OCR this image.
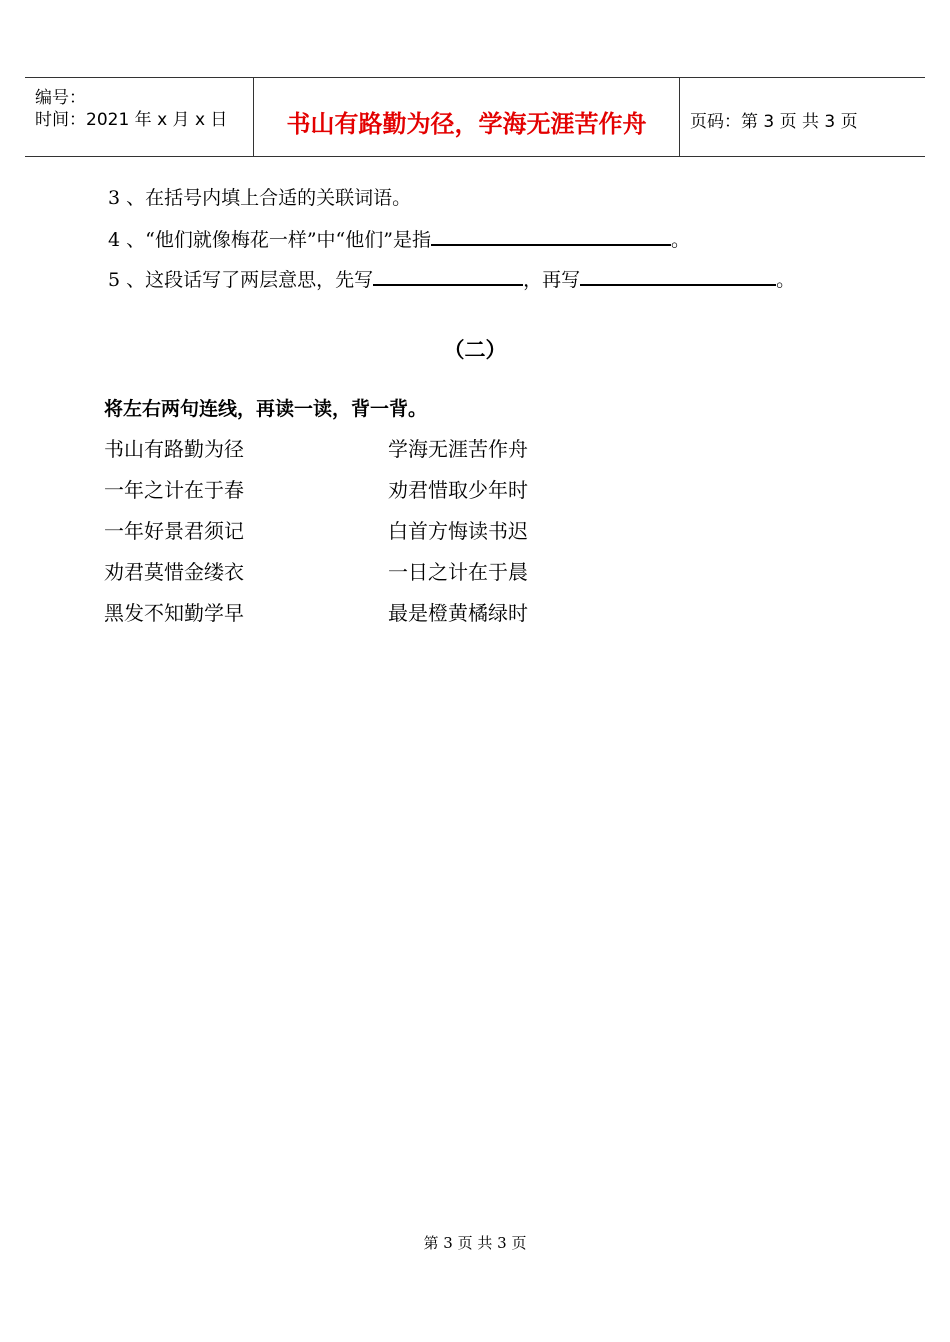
编号：
时间：2021 年 x 月 x 日	书山有路勤为径，学海无涯苦作舟	页码：第 3 页 共 3 页
3 、在括号内填上合适的关联词语。
4 、“他们就像梅花一样”中“他们”是指	。
5 、这段话写了两层意思，先写	，再写	。
（二）
将左右两句连线，再读一读，背一背。
书山有路勤为径	学海无涯苦作舟
一年之计在于春	劝君惜取少年时
一年好景君须记	白首方悔读书迟
劝君莫惜金缕衣	一日之计在于晨
黑发不知勤学早	最是橙黄橘绿时
第 3 页 共 3 页
